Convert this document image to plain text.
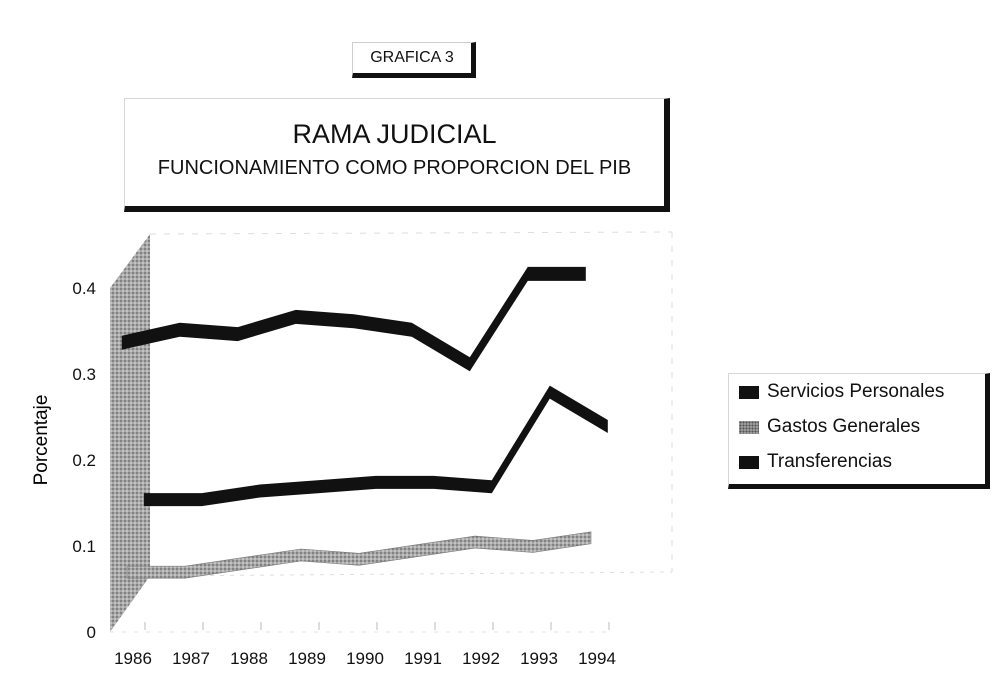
GRAFICA 3
RAMA JUDICIAL
FUNCIONAMIENTO COMO PROPORCION DEL PIB
Porcentaje
0
0.1
0.2
0.3
0.4
1986 1987 1988 1989 1990 1991 1992 1993 1994
Servicios Personales
Gastos Generales
Transferencias
